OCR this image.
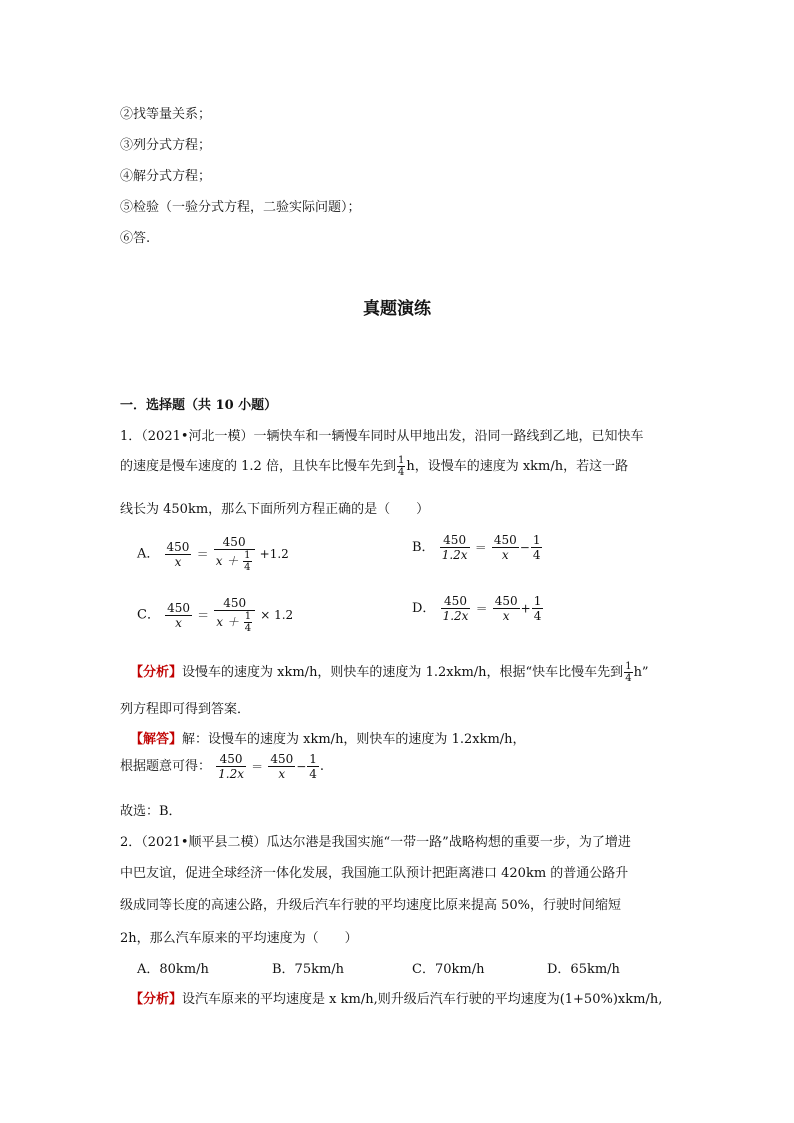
②找等量关系；
③列分式方程；
④解分式方程；
⑤检验（一验分式方程，二验实际问题）；
⑥答.
真题演练
一．选择题（共 10 小题）
1．（2021•河北一模）一辆快车和一辆慢车同时从甲地出发，沿同一路线到乙地，已知快车
的速度是慢车速度的 1.2 倍，且快车比慢车先到 $\frac{1}{4}$ h，设慢车的速度为 xkm/h，若这一路
线长为 450km，那么下面所列方程正确的是（　　）
A． $\frac{450}{x} = \frac{450}{x + \frac{1}{4}} +1.2$	B． $\frac{450}{1.2x} = \frac{450}{x} - \frac{1}{4}$
C． $\frac{450}{x} = \frac{450}{x + \frac{1}{4}} \times 1.2$	D． $\frac{450}{1.2x} = \frac{450}{x} + \frac{1}{4}$
【分析】设慢车的速度为 xkm/h，则快车的速度为 1.2xkm/h，根据“快车比慢车先到 $\frac{1}{4} h$”
列方程即可得到答案．
【解答】解：设慢车的速度为 xkm/h，则快车的速度为 1.2xkm/h，
根据题意可得： $\frac{450}{1.2x} = \frac{450}{x} - \frac{1}{4}$ .
故选：B．
2．（2021•顺平县二模）瓜达尔港是我国实施“一带一路”战略构想的重要一步，为了增进
中巴友谊，促进全球经济一体化发展，我国施工队预计把距离港口 420km 的普通公路升
级成同等长度的高速公路，升级后汽车行驶的平均速度比原来提高 50%，行驶时间缩短
2h，那么汽车原来的平均速度为（　　）
A．80km/h	B．75km/h	C．70km/h	D．65km/h
【分析】设汽车原来的平均速度是 x km/h,则升级后汽车行驶的平均速度为(1+50%)xkm/h,
